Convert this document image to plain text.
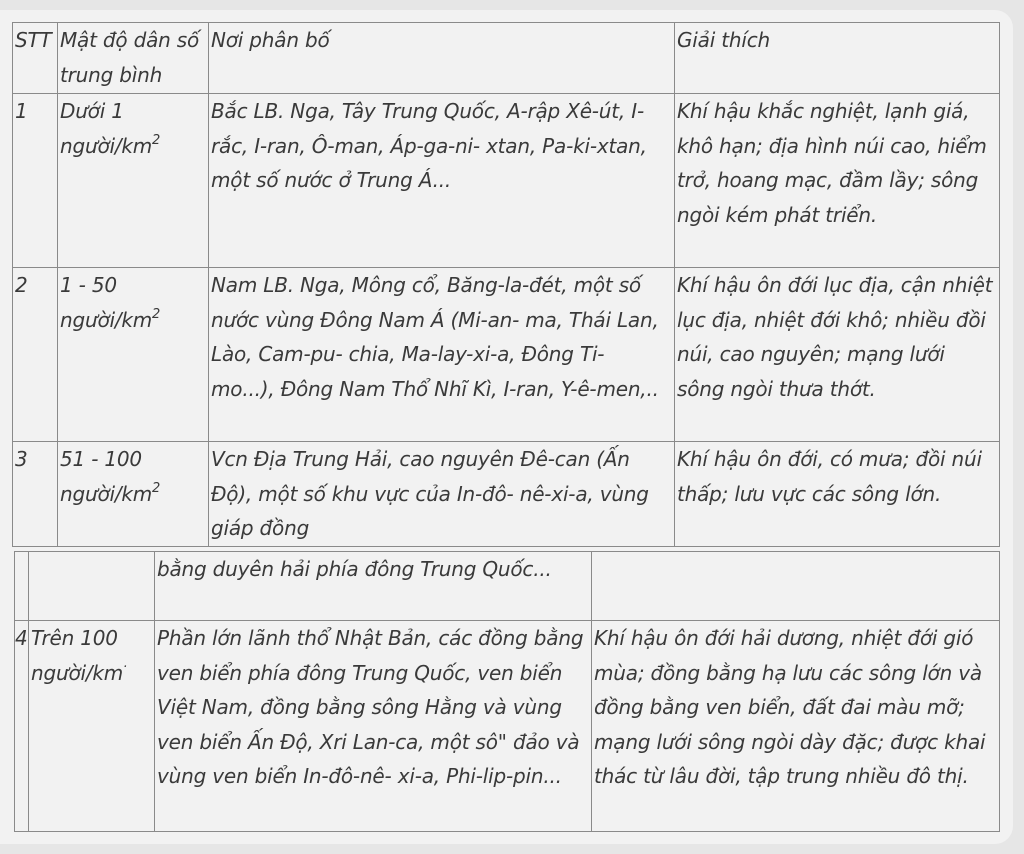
STT	Mật độ dân số trung bình	Nơi phân bố	Giải thích
1	Dưới 1 người/$km^2$	Bắc LB. Nga, Tây Trung Quốc, A-rập Xê-út, I-rắc, I-ran, Ô-man, Áp-ga-ni- xtan, Pa-ki-xtan, một số nước ở Trung Á...	Khí hậu khắc nghiệt, lạnh giá, khô hạn; địa hình núi cao, hiểm trở, hoang mạc, đầm lầy; sông ngòi kém phát triển.
2	1 - 50 người/$km^2$	Nam LB. Nga, Mông cổ, Băng-la-đét, một số nước vùng Đông Nam Á (Mi-an- ma, Thái Lan, Lào, Cam-pu- chia, Ma-lay-xi-a, Đông Ti- mo...), Đông Nam Thổ Nhĩ Kì, I-ran, Y-ê-men,..	Khí hậu ôn đới lục địa, cận nhiệt lục địa, nhiệt đới khô; nhiều đồi núi, cao nguyên; mạng lưới sông ngòi thưa thớt.
3	51 - 100 người/$km^2$	Vcn Địa Trung Hải, cao nguyên Đê-can (Ấn Độ), một số khu vực của In-đô- nê-xi-a, vùng giáp đồng	Khí hậu ôn đới, có mưa; đồi núi thấp; lưu vực các sông lớn.
		bằng duyên hải phía đông Trung Quốc...	
4	Trên 100 người/km·	Phần lớn lãnh thổ Nhật Bản, các đồng bằng ven biển phía đông Trung Quốc, ven biển Việt Nam, đồng bằng sông Hằng và vùng ven biển Ấn Độ, Xri Lan-ca, một sô" đảo và vùng ven biển In-đô-nê- xi-a, Phi-lip-pin...	Khí hậu ôn đới hải dương, nhiệt đới gió mùa; đồng bằng hạ lưu các sông lớn và đồng bằng ven biển, đất đai màu mỡ; mạng lưới sông ngòi dày đặc; được khai thác từ lâu đời, tập trung nhiều đô thị.
